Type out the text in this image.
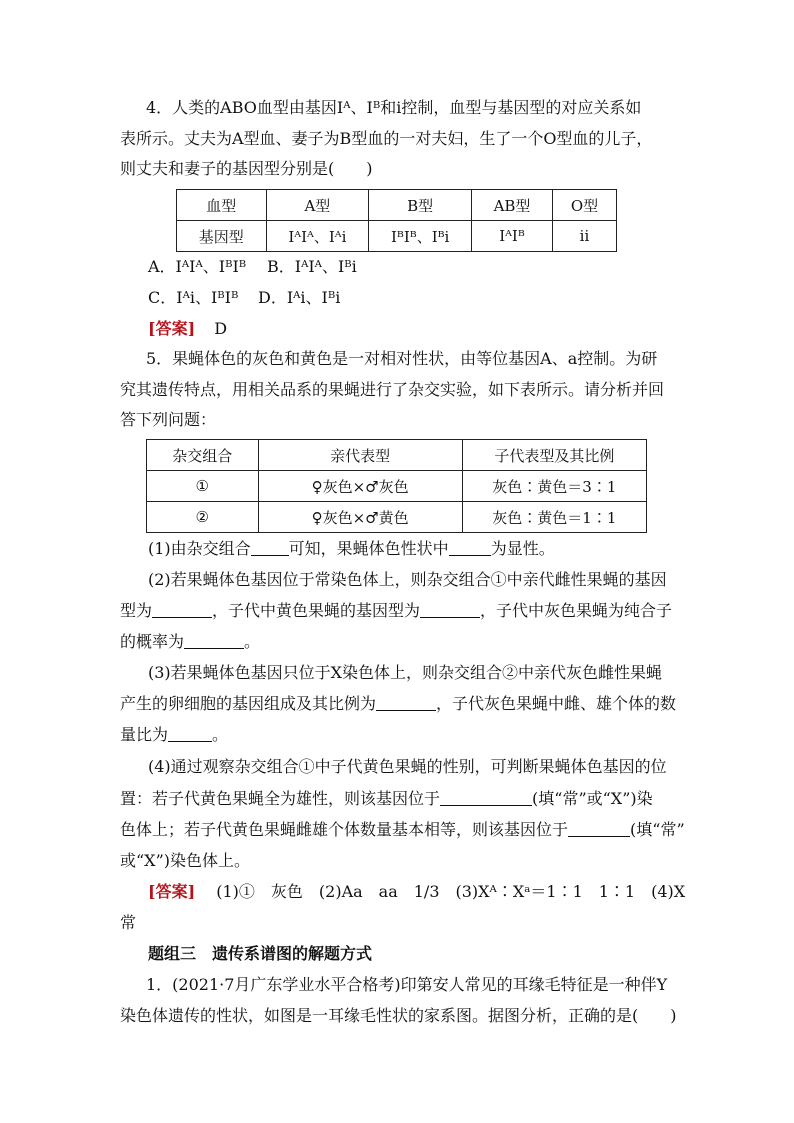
4．人类的ABO血型由基因Iᴬ、Iᴮ和i控制，血型与基因型的对应关系如
表所示。丈夫为A型血、妻子为B型血的一对夫妇，生了一个O型血的儿子，
则丈夫和妻子的基因型分别是(　　)
血型	A型	B型	AB型	O型
基因型	IᴬIᴬ、Iᴬi	IᴮIᴮ、Iᴮi	IᴬIᴮ	ii
A．IᴬIᴬ、IᴮIᴮ B．IᴬIᴬ、Iᴮi
C．Iᴬi、IᴮIᴮ D．Iᴬi、Iᴮi
[答案] D
5．果蝇体色的灰色和黄色是一对相对性状，由等位基因A、a控制。为研
究其遗传特点，用相关品系的果蝇进行了杂交实验，如下表所示。请分析并回
答下列问题：
杂交组合	亲代表型	子代表型及其比例
①	♀灰色×♂灰色	灰色∶黄色＝3∶1
②	♀灰色×♂黄色	灰色∶黄色＝1∶1
(1)由杂交组合 可知，果蝇体色性状中	为显性。
(2)若果蝇体色基因位于常染色体上，则杂交组合①中亲代雌性果蝇的基因
型为	，子代中黄色果蝇的基因型为	，子代中灰色果蝇为纯合子
的概率为	。
(3)若果蝇体色基因只位于X染色体上，则杂交组合②中亲代灰色雌性果蝇
产生的卵细胞的基因组成及其比例为	，子代灰色果蝇中雌、雄个体的数
量比为	。
(4)通过观察杂交组合①中子代黄色果蝇的性别，可判断果蝇体色基因的位
置：若子代黄色果蝇全为雄性，则该基因位于	(填“常”或“X”)染
色体上；若子代黄色果蝇雌雄个体数量基本相等，则该基因位于	(填“常”
或“X”)染色体上。
[答案] (1)①　灰色　(2)Aa　aa　1/3　(3)Xᴬ∶Xᵃ＝1∶1　1∶1　(4)X
常
题组三　遗传系谱图的解题方式
1．(2021·7月广东学业水平合格考)印第安人常见的耳缘毛特征是一种伴Y
染色体遗传的性状，如图是一耳缘毛性状的家系图。据图分析，正确的是(　　)
